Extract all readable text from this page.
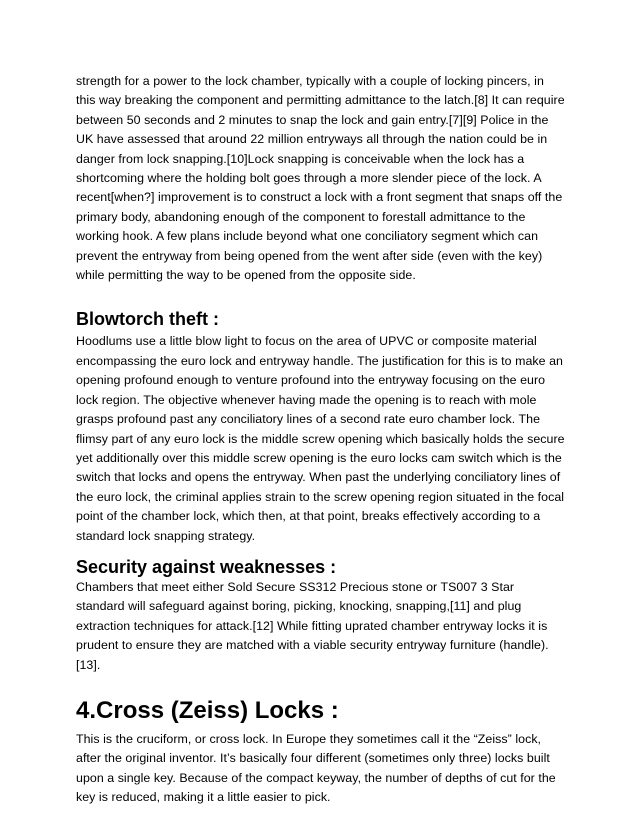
strength for a power to the lock chamber, typically with a couple of locking pincers, in this way breaking the component and permitting admittance to the latch.[8] It can require between 50 seconds and 2 minutes to snap the lock and gain entry.[7][9] Police in the UK have assessed that around 22 million entryways all through the nation could be in danger from lock snapping.[10]Lock snapping is conceivable when the lock has a shortcoming where the holding bolt goes through a more slender piece of the lock. A recent[when?] improvement is to construct a lock with a front segment that snaps off the primary body, abandoning enough of the component to forestall admittance to the working hook. A few plans include beyond what one conciliatory segment which can prevent the entryway from being opened from the went after side (even with the key) while permitting the way to be opened from the opposite side.

Blowtorch theft :

Hoodlums use a little blow light to focus on the area of UPVC or composite material encompassing the euro lock and entryway handle. The justification for this is to make an opening profound enough to venture profound into the entryway focusing on the euro lock region. The objective whenever having made the opening is to reach with mole grasps profound past any conciliatory lines of a second rate euro chamber lock. The flimsy part of any euro lock is the middle screw opening which basically holds the secure yet additionally over this middle screw opening is the euro locks cam switch which is the switch that locks and opens the entryway. When past the underlying conciliatory lines of the euro lock, the criminal applies strain to the screw opening region situated in the focal point of the chamber lock, which then, at that point, breaks effectively according to a standard lock snapping strategy.

Security against weaknesses :

Chambers that meet either Sold Secure SS312 Precious stone or TS007 3 Star standard will safeguard against boring, picking, knocking, snapping,[11] and plug extraction techniques for attack.[12] While fitting uprated chamber entryway locks it is prudent to ensure they are matched with a viable security entryway furniture (handle).[13].

4.Cross (Zeiss) Locks :

This is the cruciform, or cross lock. In Europe they sometimes call it the “Zeiss” lock, after the original inventor. It’s basically four different (sometimes only three) locks built upon a single key. Because of the compact keyway, the number of depths of cut for the key is reduced, making it a little easier to pick.
